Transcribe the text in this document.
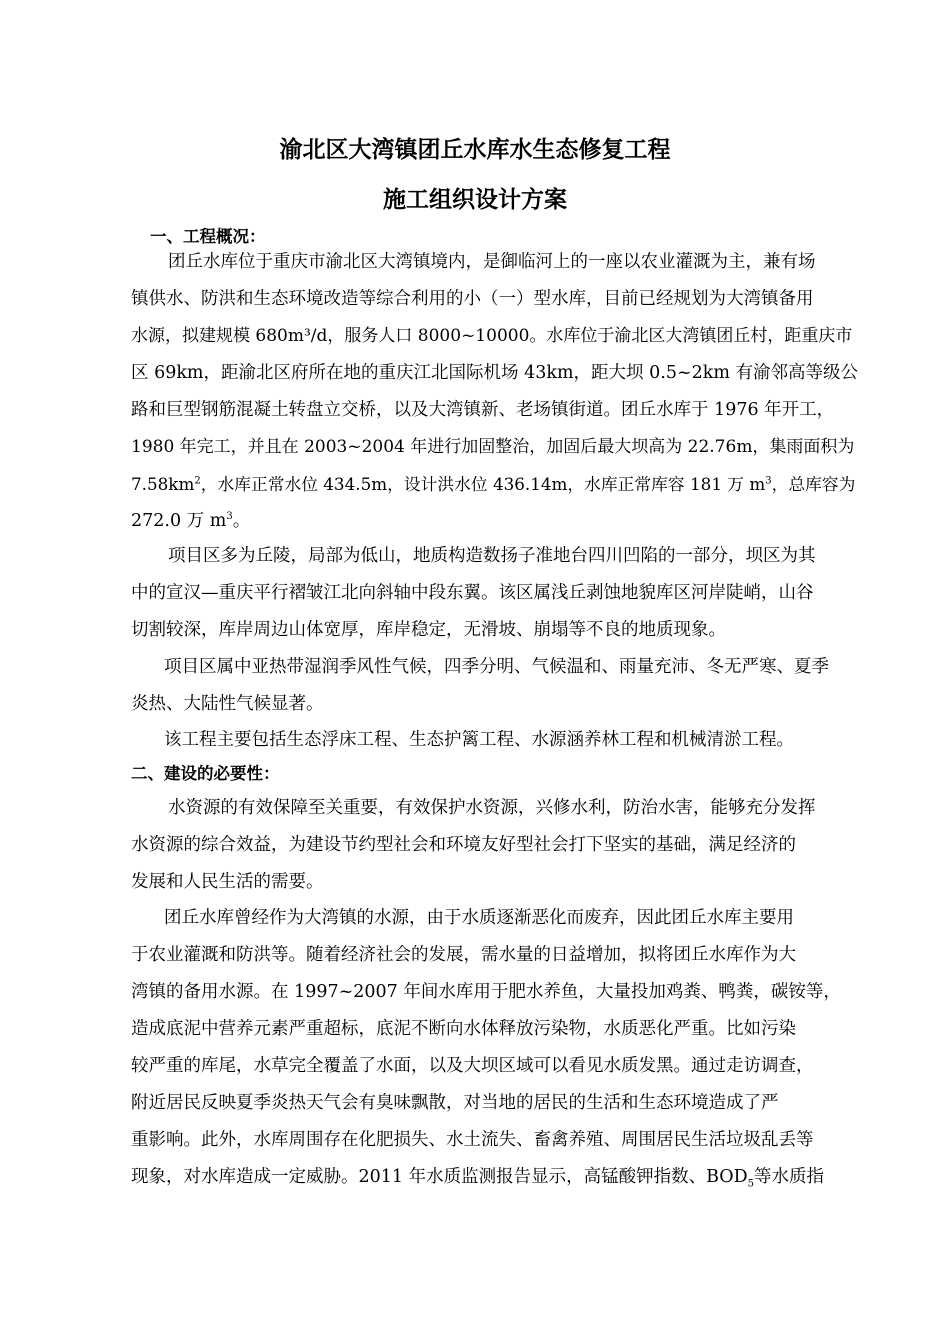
渝北区大湾镇团丘水库水生态修复工程
施工组织设计方案
一、工程概况：
团丘水库位于重庆市渝北区大湾镇境内，是御临河上的一座以农业灌溉为主，兼有场
镇供水、防洪和生态环境改造等综合利用的小（一）型水库，目前已经规划为大湾镇备用
水源，拟建规模 680m³/d，服务人口 8000~10000。水库位于渝北区大湾镇团丘村，距重庆市
区 69km，距渝北区府所在地的重庆江北国际机场 43km，距大坝 0.5~2km 有渝邻高等级公
路和巨型钢筋混凝土转盘立交桥，以及大湾镇新、老场镇街道。团丘水库于 1976 年开工，
1980 年完工，并且在 2003~2004 年进行加固整治，加固后最大坝高为 22.76m，集雨面积为
$7.58km^2$，水库正常水位 434.5m，设计洪水位 436.14m，水库正常库容 181 万 $m^3$，总库容为
272.0 万 $m^3$。
项目区多为丘陵，局部为低山，地质构造数扬子准地台四川凹陷的一部分，坝区为其
中的宣汉—重庆平行褶皱江北向斜轴中段东翼。该区属浅丘剥蚀地貌库区河岸陡峭，山谷
切割较深，库岸周边山体宽厚，库岸稳定，无滑坡、崩塌等不良的地质现象。
项目区属中亚热带湿润季风性气候，四季分明、气候温和、雨量充沛、冬无严寒、夏季
炎热、大陆性气候显著。
该工程主要包括生态浮床工程、生态护篱工程、水源涵养林工程和机械清淤工程。
二、建设的必要性：
水资源的有效保障至关重要，有效保护水资源，兴修水利，防治水害，能够充分发挥
水资源的综合效益，为建设节约型社会和环境友好型社会打下坚实的基础，满足经济的
发展和人民生活的需要。
团丘水库曾经作为大湾镇的水源，由于水质逐渐恶化而废弃，因此团丘水库主要用
于农业灌溉和防洪等。随着经济社会的发展，需水量的日益增加，拟将团丘水库作为大
湾镇的备用水源。在 1997~2007 年间水库用于肥水养鱼，大量投加鸡粪、鸭粪，碳铵等，
造成底泥中营养元素严重超标，底泥不断向水体释放污染物，水质恶化严重。比如污染
较严重的库尾，水草完全覆盖了水面，以及大坝区域可以看见水质发黑。通过走访调查，
附近居民反映夏季炎热天气会有臭味飘散，对当地的居民的生活和生态环境造成了严
重影响。此外，水库周围存在化肥损失、水土流失、畜禽养殖、周围居民生活垃圾乱丢等
现象，对水库造成一定威胁。2011 年水质监测报告显示，高锰酸钾指数、$BOD_5$等水质指
